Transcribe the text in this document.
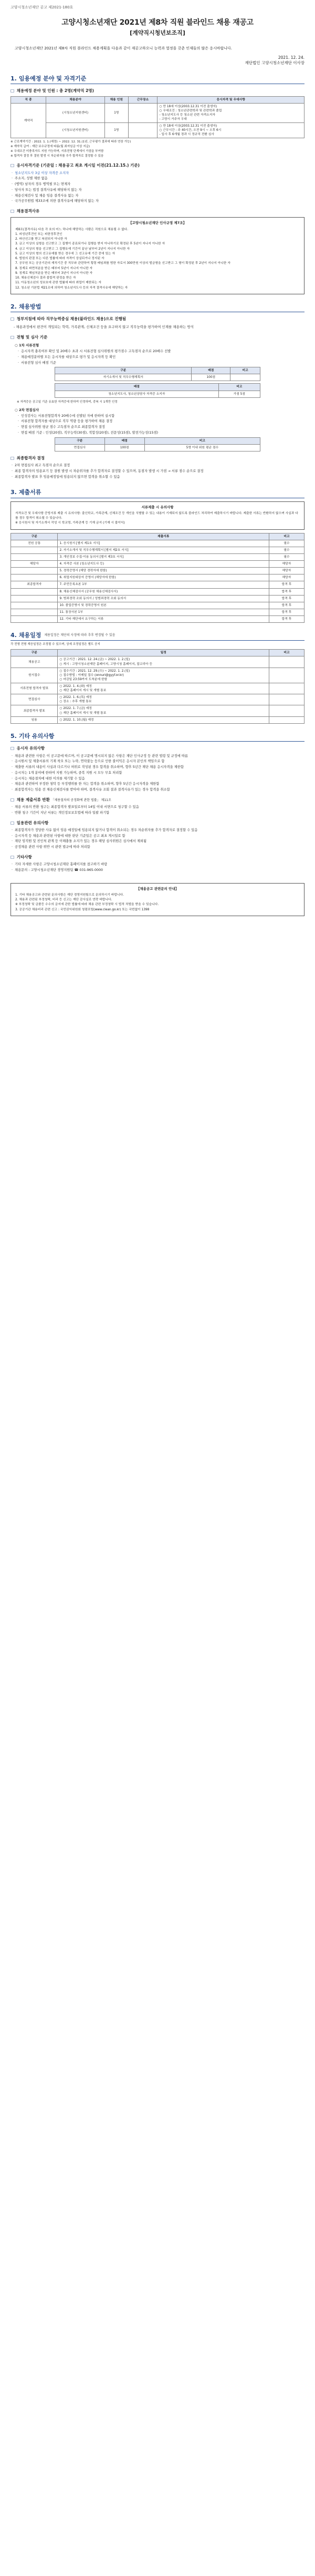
고양시청소년재단 공고 제2021-180호
고양시청소년재단 2021년 제8차 직원 블라인드 채용 재공고
[계약직시청년보조직]
고양시청소년재단 2021년 제8차 직원 블라인드 채용계획을 다음과 같이 재공고하오니 능력과 열정을 갖춘 인재들의 많은 응시바랍니다.
2021. 12. 24.
재단법인 고양시청소년재단 이사장
1. 임용예정 분야 및 자격기준
□ 채용예정 분야 및 인원 : 총 2명(계약직 2명)
직 종	채용분야	채용 인원	근무장소	응시자격 및 우대사항
계약직	(시청소년지원센터)	1명		○ 만 18세 이상(2003.12.31 이전 출생자)
○ 우대조건 : 청소년관련학과 및 관련학과 졸업
- 청소년지도사 등 청소년 관련 자격소지자
- 고양시 거주자 우대
	(시청소년지원센터)	1명		○ 만 18세 이상(2003.12.31 이전 출생자)
○ 근무시간 : 주 40시간, 오전 9시 ~ 오후 6시
- 입사 후 6개월 경과 시 정규직 전환 심사

※ 근로계약기간 : 2022. 1. 1.(예정) ~ 2022. 12. 31.(1년, 근무평가 결과에 따라 연장 가능)

※ 계약직 급여 : 재단 보수규정에 따름(월 최저임금 이상 지급)

※ 우대조건 미충족자도 지원 가능하며, 서류전형 단계에서 가점을 부여함

※ 합격자 결정 후 결원 발생 시 차순위자를 추가 합격자로 결정할 수 있음

□ 응시자격기준 (기준일 : 채용공고 최초 게시일 이전(21.12.15.) 기준)
· 청소년지도사 3급 이상 자격증 소지자
· 주소지, 성별 제한 없음
· (병역) 남자의 경우 병역필 또는 면제자
· 당사자 또는 법정 결격사유에 해당하지 않는 자
· 채용신체검사 및 채용 임용 결격사유 없는 자
· 국가공무원법 제33조에 의한 결격사유에 해당하지 않는 자
□ 채용결격사유
【고양시청소년재단 인사규정 제7조】
제8조(결격사유) 다음 각 호의 어느 하나에 해당하는 사람은 직원으로 채용될 수 없다.
1. 피성년후견인 또는 피한정후견인
2. 파산선고를 받고 복권되지 아니한 자
3. 금고 이상의 실형을 선고받고 그 집행이 종료되거나 집행을 받지 아니하기로 확정된 후 5년이 지나지 아니한 자
4. 금고 이상의 형을 선고받고 그 집행유예 기간이 끝난 날부터 2년이 지나지 아니한 자
5. 금고 이상의 형의 선고유예를 받은 경우에 그 선고유예 기간 중에 있는 자
6. 법원의 판결 또는 다른 법률에 따라 자격이 상실되거나 정지된 자
7. 공무원 또는 공공기관의 재직기간 중 직무와 관련하여 횡령 배임죄를 범한 자로서 300만원 이상의 벌금형을 선고받고 그 형이 확정된 후 2년이 지나지 아니한 자
8. 징계로 파면처분을 받은 때부터 5년이 지나지 아니한 자
9. 징계로 해임처분을 받은 때부터 3년이 지나지 아니한 자
10. 채용신체검사 결과 불합격 판정을 받은 자
11. 아동청소년의 성보호에 관한 법률에 따라 취업이 제한되는 자
12. 청소년 기본법 제21조에 의하여 청소년지도사 등의 자격 결격사유에 해당하는 자
2. 채용방법
□ 청부지침에 따라 직무능력중심 채용(블라인드 채용)으로 진행됨
- 채용과정에서 편견이 개입되는 학력, 가족관계, 신체조건 등을 요구하지 않고 직무능력을 평가하여 인재를 채용하는 방식
□ 전형 및 심사 기준
○ 1차 서류전형
· 응시자격 충족여부 확인 및 20배수 초과 시 서류전형 심사위원의 평가점수 고득점자 순으로 20배수 선발
· 채용예정분야별 모든 응시자를 대상으로 평가 및 응시자격 등 확인
· 서류전형 심사 배점 기준
구분	배점	비고
자기소개서 및 직무수행계획서	100점	
배점	비고
청소년지도사, 청소년상담사 자격증 소지자	가점 5점
※ 자격증은 공고일 기준 유효한 자격증에 한하여 인정하며, 중복 시 1개만 인정
○ 2차 면접심사
· 인성검사는 서류전형합격자 20배수에 선발된 자에 한하여 실시함
· 서류전형 합격자를 대상으로 직무 역량 등을 평가하여 채용 결정
· 면접 심사위원 평균 점수 고득점자 순으로 최종합격자 결정
· 면접 배점 기준 : 인성(20점), 직무능력(30점), 적합성(20점), 전문성(15점), 발전가능성(15점)
구분	배점	비고
면접심사	100점	5명 이내 위원 평균 점수
□ 최종합격자 결정
· 2차 면접심사 최고 득점자 순으로 결정
· 최종 합격자의 임용포기 등 결원 발생 시 차순위자를 추가 합격자로 결정할 수 있으며, 동점자 발생 시 가점 → 서류 점수 순으로 결정
· 최종합격자 발표 후 임용예정일에 임용되지 않으면 합격을 취소할 수 있음
3. 제출서류
서류제출 시 유의사항
자격요건 및 우대사항 증빙서류 제출 시 유의사항: 출신학교, 가족관계, 신체조건 등 개인을 식별할 수 있는 내용이 기재되지 않도록 블라인드 처리하여 제출하시기 바랍니다. 제출한 서류는 반환하지 않으며 사실과 다를 경우 합격이 취소될 수 있습니다.
※ 응시원서 및 자기소개서 작성 시 학교명, 가족관계 등 기재 금지 (기재 시 불이익)
구분	제출서류	비고
전원 공통	1. 응시원서 [별지 제1호 서식]	필수
	2. 자기소개서 및 직무수행계획서 [별지 제2호 서식]	필수
	3. 개인정보 수집·이용 동의서 [별지 제3호 서식]	필수
해당자	4. 자격증 사본 (청소년지도사 등)	해당자
	5. 경력증명서 (해당 경력자에 한함)	해당자
	6. 취업지원대상자 증명서 (해당자에 한함)	해당자
최종합격자	7. 주민등록초본 1부	합격 후
	8. 채용신체검사서 (공무원 채용신체검사서)	합격 후
	9. 범죄경력 조회 동의서 / 성범죄경력 조회 동의서	합격 후
	10. 졸업증명서 및 경력증명서 원본	합격 후
	11. 통장사본 1부	합격 후
	12. 기타 재단에서 요구하는 서류	합격 후
4. 채용일정 채용일정은 재단의 사정에 따라 추후 변경될 수 있음
각 전형 전형 재응일정은 조정될 수 있으며, 상세 조정일정은 별도 공지
구분	일정	비고
채용공고	○ 공고기간 : 2021. 12. 24.(금) ~ 2022. 1. 2.(일)
○ 게시 : 고양시청소년재단 홈페이지, 고양시청 홈페이지, 잡코리아 등	
원서접수	○ 접수기간 : 2021. 12. 29.(수) ~ 2022. 1. 2.(일)
○ 접수방법 : 이메일 접수 (onnuri@gyyf.or.kr)
○ 마감일 23:59까지 도착분에 한함	
서류전형 합격자 발표	○ 2022. 1. 4.(화) 예정
○ 재단 홈페이지 게시 및 개별 통보	
면접심사	○ 2022. 1. 6.(목) 예정
○ 장소 : 추후 개별 통보	
최종합격자 발표	○ 2022. 1. 7.(금) 예정
○ 재단 홈페이지 게시 및 개별 통보	
임용	○ 2022. 1. 10.(월) 예정	
5. 기타 유의사항
□ 응시자 유의사항
· 채용과 관련한 사항은 이 공고문에 따르며, 이 공고문에 명시되지 않은 사항은 재단 인사규정 등 관련 법령 및 규정에 따름
· 응시원서 및 제출서류의 기재 착오 또는 누락, 연락불능 등으로 인한 불이익은 응시자 본인의 책임으로 함
· 제출한 서류의 내용이 사실과 다르거나 허위로 작성된 경우 합격을 취소하며, 향후 5년간 재단 채용 응시자격을 제한함
· 응시자는 1개 분야에 한하여 지원 가능하며, 중복 지원 시 모두 무효 처리함
· 응시자는 채용절차에 대한 이의를 제기할 수 있음
· 채용과 관련하여 부정한 청탁 등 부정행위를 한 자는 합격을 취소하며, 향후 5년간 응시자격을 제한함
· 최종합격자는 임용 전 채용신체검사를 받아야 하며, 결격사유 조회 결과 결격사유가 있는 경우 합격을 취소함
□ 채용 제출서류 반환 「채용절차의 공정화에 관한 법률」 제11조
· 채용 서류의 반환 청구는 최종합격자 발표일로부터 14일 이내 서면으로 청구할 수 있음
· 반환 청구 기간이 지난 서류는 개인정보보호법에 따라 일괄 파기함
□ 일용관련 유의사항
· 최종합격자가 정당한 사유 없이 임용 예정일에 임용되지 않거나 합격이 취소되는 경우 차순위자를 추가 합격자로 결정할 수 있음
· 응시자격 등 채용과 관련된 사항에 대한 판단 기준일은 공고 최초 게시일로 함
· 재단 임직원 및 친인척 관계 등 이해충돌 소지가 있는 경우 해당 심사위원은 심사에서 제외됨
· 공정채용 관련 사항 위반 시 관련 법규에 따라 처리함
□ 기타사항
· 기타 자세한 사항은 고양시청소년재단 홈페이지를 참고하기 바람
· 채용문의 : 고양시청소년재단 경영지원팀 ☎ 031-965-0000
【채용공고 관련문의 안내】
1. 기타 채용공고와 관련된 문의사항은 재단 경영지원팀으로 문의하시기 바랍니다.
2. 채용과 관련된 부정청탁, 비리 등 신고는 재단 감사실로 연락 바랍니다.
※ 부정청탁 및 금품등 수수의 금지에 관한 법률에 따라 채용 관련 부정청탁 시 법적 처벌을 받을 수 있습니다.
3. 공공기관 채용비리 관련 신고 : 국민권익위원회 청렴포털(www.clean.go.kr) 또는 국번없이 1398
